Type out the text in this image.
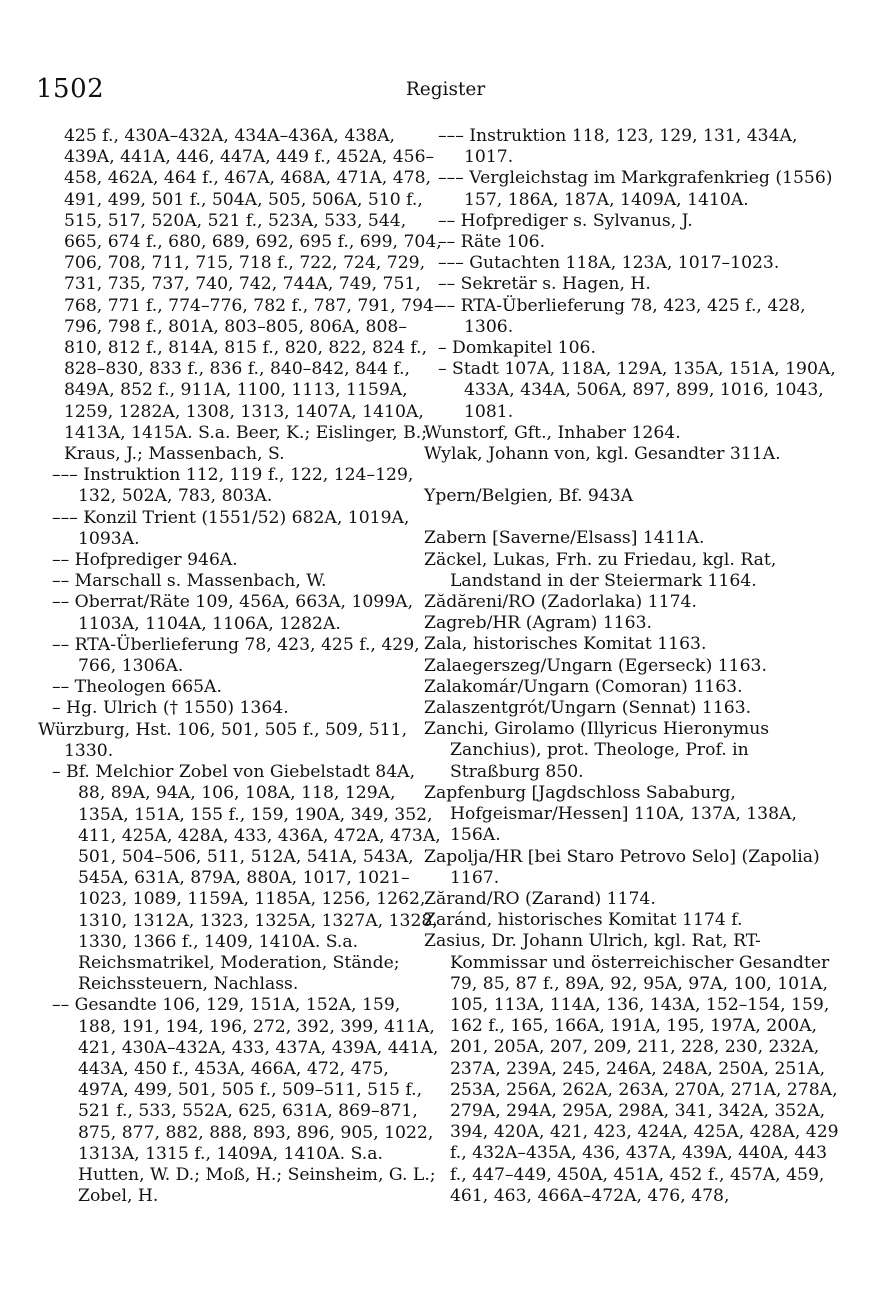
1502	Register

425 f., 430A–432A, 434A–436A, 438A, 439A, 441A, 446, 447A, 449 f., 452A, 456–458, 462A, 464 f., 467A, 468A, 471A, 478, 491, 499, 501 f., 504A, 505, 506A, 510 f., 515, 517, 520A, 521 f., 523A, 533, 544, 665, 674 f., 680, 689, 692, 695 f., 699, 704, 706, 708, 711, 715, 718 f., 722, 724, 729, 731, 735, 737, 740, 742, 744A, 749, 751, 768, 771 f., 774–776, 782 f., 787, 791, 794–796, 798 f., 801A, 803–805, 806A, 808–810, 812 f., 814A, 815 f., 820, 822, 824 f., 828–830, 833 f., 836 f., 840–842, 844 f., 849A, 852 f., 911A, 1100, 1113, 1159A, 1259, 1282A, 1308, 1313, 1407A, 1410A, 1413A, 1415A. S.a. Beer, K.; Eislinger, B.; Kraus, J.; Massenbach, S.

––– Instruktion 112, 119 f., 122, 124–129, 132, 502A, 783, 803A.

––– Konzil Trient (1551/52) 682A, 1019A, 1093A.

–– Hofprediger 946A.

–– Marschall s. Massenbach, W.

–– Oberrat/Räte 109, 456A, 663A, 1099A, 1103A, 1104A, 1106A, 1282A.

–– RTA-Überlieferung 78, 423, 425 f., 429, 766, 1306A.

–– Theologen 665A.

– Hg. Ulrich († 1550) 1364.

Würzburg, Hst. 106, 501, 505 f., 509, 511, 1330.

– Bf. Melchior Zobel von Giebelstadt 84A, 88, 89A, 94A, 106, 108A, 118, 129A, 135A, 151A, 155 f., 159, 190A, 349, 352, 411, 425A, 428A, 433, 436A, 472A, 473A, 501, 504–506, 511, 512A, 541A, 543A, 545A, 631A, 879A, 880A, 1017, 1021–1023, 1089, 1159A, 1185A, 1256, 1262, 1310, 1312A, 1323, 1325A, 1327A, 1328, 1330, 1366 f., 1409, 1410A. S.a. Reichsmatrikel, Moderation, Stände; Reichssteuern, Nachlass.

–– Gesandte 106, 129, 151A, 152A, 159, 188, 191, 194, 196, 272, 392, 399, 411A, 421, 430A–432A, 433, 437A, 439A, 441A, 443A, 450 f., 453A, 466A, 472, 475, 497A, 499, 501, 505 f., 509–511, 515 f., 521 f., 533, 552A, 625, 631A, 869–871, 875, 877, 882, 888, 893, 896, 905, 1022, 1313A, 1315 f., 1409A, 1410A. S.a. Hutten, W. D.; Moß, H.; Seinsheim, G. L.; Zobel, H.

––– Instruktion 118, 123, 129, 131, 434A, 1017.

––– Vergleichstag im Markgrafenkrieg (1556) 157, 186A, 187A, 1409A, 1410A.

–– Hofprediger s. Sylvanus, J.

–– Räte 106.

––– Gutachten 118A, 123A, 1017–1023.

–– Sekretär s. Hagen, H.

–– RTA-Überlieferung 78, 423, 425 f., 428, 1306.

– Domkapitel 106.

– Stadt 107A, 118A, 129A, 135A, 151A, 190A, 433A, 434A, 506A, 897, 899, 1016, 1043, 1081.

Wunstorf, Gft., Inhaber 1264.

Wylak, Johann von, kgl. Gesandter 311A.

Ypern/Belgien, Bf. 943A

Zabern [Saverne/Elsass] 1411A.

Zäckel, Lukas, Frh. zu Friedau, kgl. Rat, Landstand in der Steiermark 1164.

Zădăreni/RO (Zadorlaka) 1174.

Zagreb/HR (Agram) 1163.

Zala, historisches Komitat 1163.

Zalaegerszeg/Ungarn (Egerseck) 1163.

Zalakomár/Ungarn (Comoran) 1163.

Zalaszentgrót/Ungarn (Sennat) 1163.

Zanchi, Girolamo (Illyricus Hieronymus Zanchius), prot. Theologe, Prof. in Straßburg 850.

Zapfenburg [Jagdschloss Sababurg, Hofgeismar/Hessen] 110A, 137A, 138A, 156A.

Zapolja/HR [bei Staro Petrovo Selo] (Zapolia) 1167.

Zărand/RO (Zarand) 1174.

Zaránd, historisches Komitat 1174 f.

Zasius, Dr. Johann Ulrich, kgl. Rat, RT-Kommissar und österreichischer Gesandter 79, 85, 87 f., 89A, 92, 95A, 97A, 100, 101A, 105, 113A, 114A, 136, 143A, 152–154, 159, 162 f., 165, 166A, 191A, 195, 197A, 200A, 201, 205A, 207, 209, 211, 228, 230, 232A, 237A, 239A, 245, 246A, 248A, 250A, 251A, 253A, 256A, 262A, 263A, 270A, 271A, 278A, 279A, 294A, 295A, 298A, 341, 342A, 352A, 394, 420A, 421, 423, 424A, 425A, 428A, 429 f., 432A–435A, 436, 437A, 439A, 440A, 443 f., 447–449, 450A, 451A, 452 f., 457A, 459, 461, 463, 466A–472A, 476, 478,
